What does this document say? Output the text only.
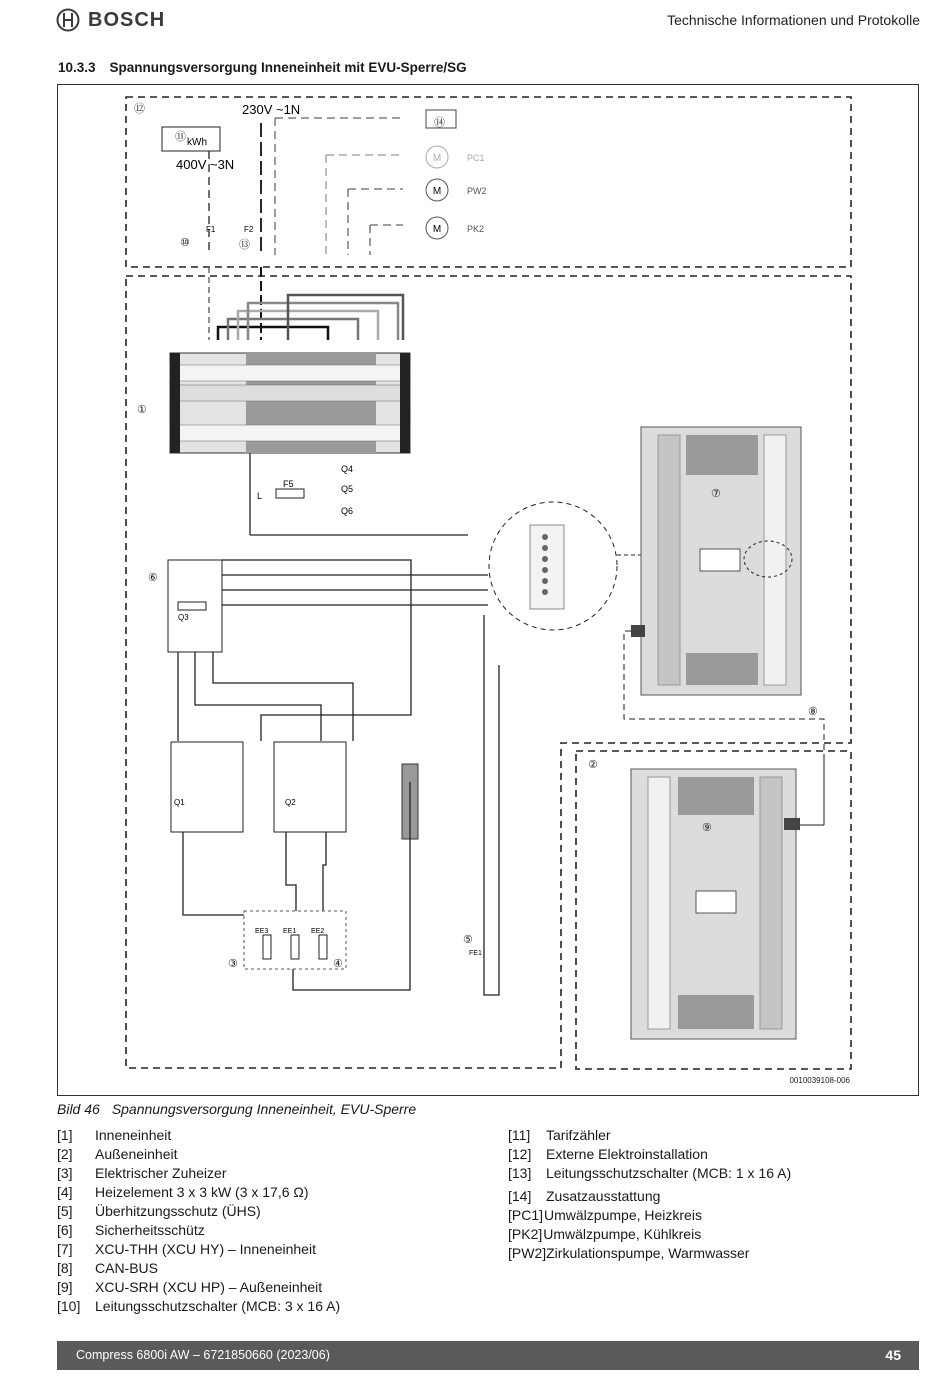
BOSCH	Technische Informationen und Protokolle
10.3.3 Spannungsversorgung Inneneinheit mit EVU-Sperre/SG
230V ~1N
400V ~3N
kWh
F1	F2
M
M
M
PC1
PW2
PK2
L
F5
Q4
Q5
Q6
Q3
Q1	Q2
EE3 EE1 EE2
FE1
①
②
③	④
⑤
⑥
⑦
⑧
⑨
⑩
⑪
⑫
⑬
⑭
0010039108-006
Bild 46 Spannungsversorgung Inneneinheit, EVU-Sperre
[1]	Inneneinheit
[2]	Außeneinheit
[3]	Elektrischer Zuheizer
[4]	Heizelement 3 x 3 kW (3 x 17,6 Ω)
[5]	Überhitzungsschutz (ÜHS)
[6]	Sicherheitsschütz
[7]	XCU-THH (XCU HY) – Inneneinheit
[8]	CAN-BUS
[9]	XCU-SRH (XCU HP) – Außeneinheit
[10]	Leitungsschutzschalter (MCB: 3 x 16 A)
[11]	Tarifzähler
[12]	Externe Elektroinstallation
[13]	Leitungsschutzschalter (MCB: 1 x 16 A)
[14]	Zusatzausstattung
[PC1] Umwälzpumpe, Heizkreis
[PK2] Umwälzpumpe, Kühlkreis
[PW2] Zirkulationspumpe, Warmwasser
Compress 6800i AW – 6721850660 (2023/06)	45
